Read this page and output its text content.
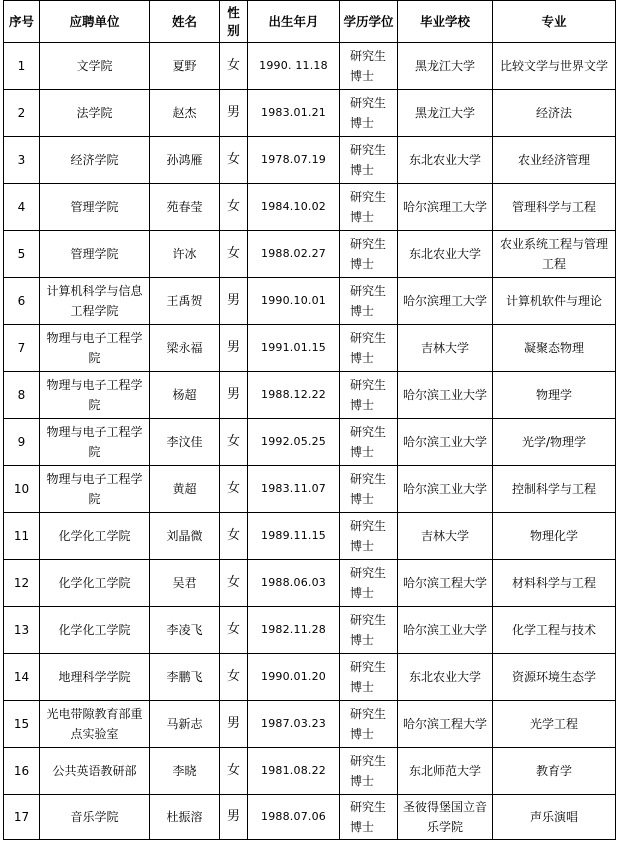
序号	应聘单位	姓名	性别	出生年月	学历学位	毕业学校	专业
1	文学院	夏野	女	1990. 11.18	研究生博士	黑龙江大学	比较文学与世界文学
2	法学院	赵杰	男	1983.01.21	研究生博士	黑龙江大学	经济法
3	经济学院	孙鸿雁	女	1978.07.19	研究生博士	东北农业大学	农业经济管理
4	管理学院	苑春莹	女	1984.10.02	研究生博士	哈尔滨理工大学	管理科学与工程
5	管理学院	许冰	女	1988.02.27	研究生博士	东北农业大学	农业系统工程与管理工程
6	计算机科学与信息工程学院	王禹贺	男	1990.10.01	研究生博士	哈尔滨理工大学	计算机软件与理论
7	物理与电子工程学院	梁永福	男	1991.01.15	研究生博士	吉林大学	凝聚态物理
8	物理与电子工程学院	杨超	男	1988.12.22	研究生博士	哈尔滨工业大学	物理学
9	物理与电子工程学院	李汶佳	女	1992.05.25	研究生博士	哈尔滨工业大学	光学/物理学
10	物理与电子工程学院	黄超	女	1983.11.07	研究生博士	哈尔滨工业大学	控制科学与工程
11	化学化工学院	刘晶微	女	1989.11.15	研究生博士	吉林大学	物理化学
12	化学化工学院	吴君	女	1988.06.03	研究生博士	哈尔滨工程大学	材料科学与工程
13	化学化工学院	李凌飞	女	1982.11.28	研究生博士	哈尔滨工业大学	化学工程与技术
14	地理科学学院	李鹏飞	女	1990.01.20	研究生博士	东北农业大学	资源环境生态学
15	光电带隙教育部重点实验室	马新志	男	1987.03.23	研究生博士	哈尔滨工程大学	光学工程
16	公共英语教研部	李晓	女	1981.08.22	研究生博士	东北师范大学	教育学
17	音乐学院	杜振溶	男	1988.07.06	研究生博士	圣彼得堡国立音乐学院	声乐演唱
